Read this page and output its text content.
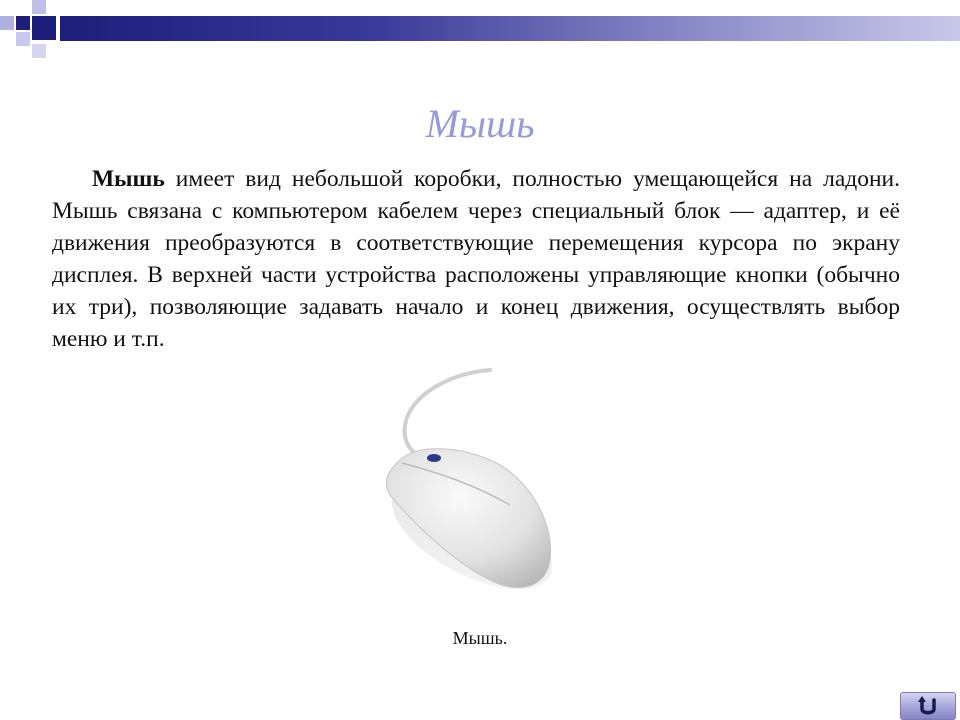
Мышь

Мышь имеет вид небольшой коробки, полностью умещающейся на ладони. Мышь связана с компьютером кабелем через специальный блок — адаптер, и её движения преобразуются в соответствующие перемещения курсора по экрану дисплея. В верхней части устройства расположены управляющие кнопки (обычно их три), позволяющие задавать начало и конец движения, осуществлять выбор меню и т.п.

Мышь.
